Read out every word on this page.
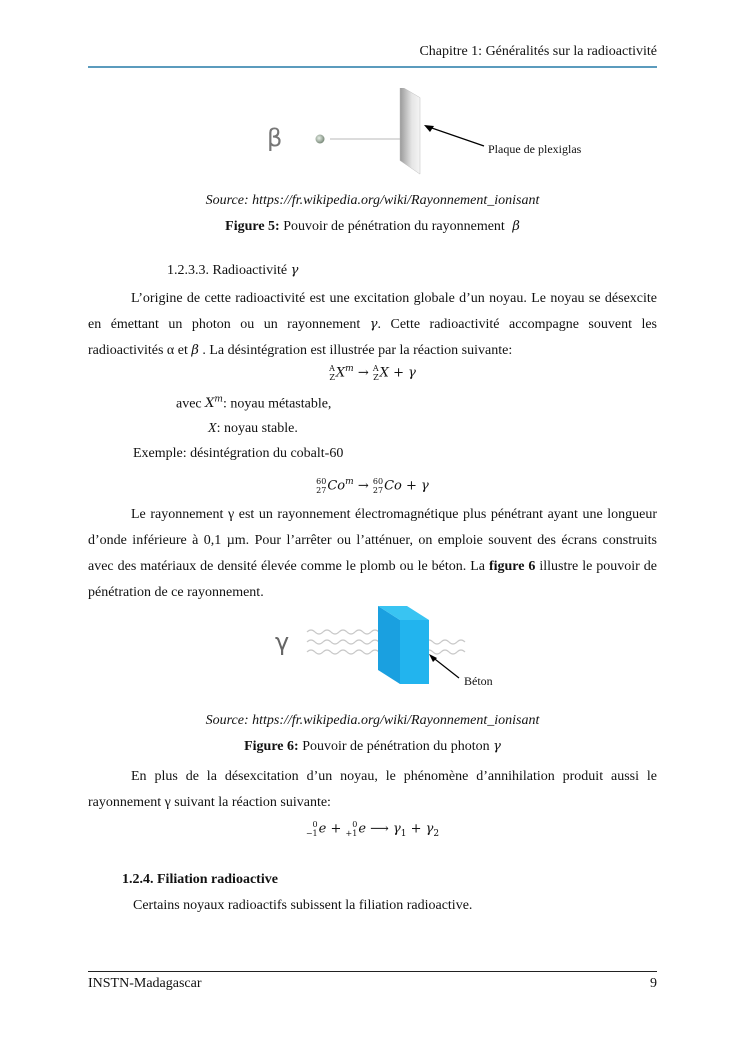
Chapitre 1: Généralités sur la radioactivité
β	Plaque de plexiglas
Source: https://fr.wikipedia.org/wiki/Rayonnement_ionisant
Figure 5: Pouvoir de pénétration du rayonnement β
1.2.3.3. Radioactivité γ
L’origine de cette radioactivité est une excitation globale d’un noyau. Le noyau se désexcite en émettant un photon ou un rayonnement γ. Cette radioactivité accompagne souvent les radioactivités α et β . La désintégration est illustrée par la réaction suivante:
A
Z $X^m \to A$
Z X + γ
avec $X^m$: noyau métastable,
X: noyau stable.
Exemple: désintégration du cobalt-60
60
27 $Co^m \to 60$
27 Co + γ
Le rayonnement γ est un rayonnement électromagnétique plus pénétrant ayant une longueur d’onde inférieure à 0,1 µm. Pour l’arrêter ou l’atténuer, on emploie souvent des écrans construits avec des matériaux de densité élevée comme le plomb ou le béton. La figure 6 illustre le pouvoir de pénétration de ce rayonnement.
γ
Béton
Source: https://fr.wikipedia.org/wiki/Rayonnement_ionisant
Figure 6: Pouvoir de pénétration du photon γ
En plus de la désexcitation d’un noyau, le phénomène d’annihilation produit aussi le rayonnement γ suivant la réaction suivante:
0
−1 e +	0
+1 e ⟶ $\gamma_1 + \gamma_2$
1.2.4. Filiation radioactive
Certains noyaux radioactifs subissent la filiation radioactive.
INSTN-Madagascar	9
